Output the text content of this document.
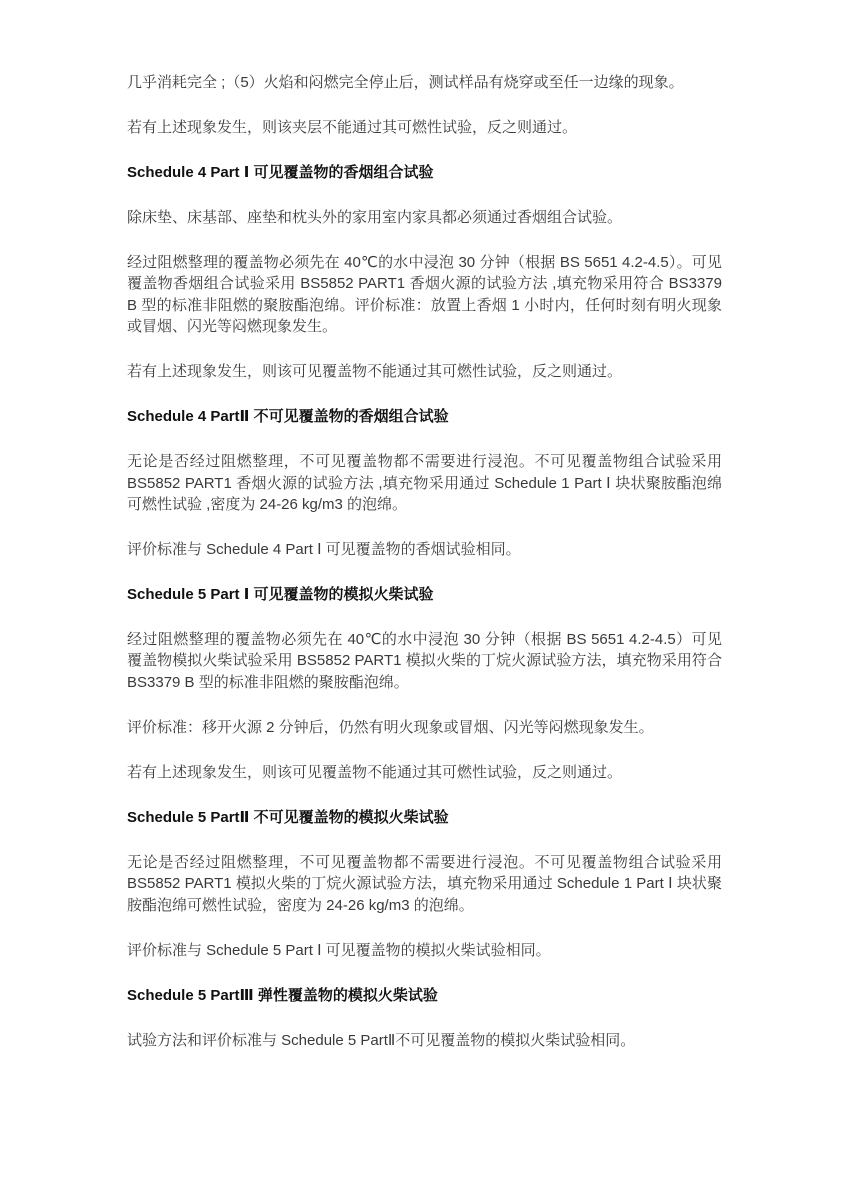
几乎消耗完全 ;（5）火焰和闷燃完全停止后，测试样品有烧穿或至任一边缘的现象。

若有上述现象发生，则该夹层不能通过其可燃性试验，反之则通过。

Schedule 4 Part Ⅰ 可见覆盖物的香烟组合试验

除床垫、床基部、座垫和枕头外的家用室内家具都必须通过香烟组合试验。

经过阻燃整理的覆盖物必须先在 40℃的水中浸泡 30 分钟（根据 BS 5651 4.2-4.5）。可见覆盖物香烟组合试验采用 BS5852 PART1 香烟火源的试验方法 ,填充物采用符合 BS3379 B 型的标准非阻燃的聚胺酯泡绵。评价标准：放置上香烟 1 小时内，任何时刻有明火现象或冒烟、闪光等闷燃现象发生。

若有上述现象发生，则该可见覆盖物不能通过其可燃性试验，反之则通过。

Schedule 4 PartⅡ 不可见覆盖物的香烟组合试验

无论是否经过阻燃整理，不可见覆盖物都不需要进行浸泡。不可见覆盖物组合试验采用 BS5852 PART1 香烟火源的试验方法 ,填充物采用通过 Schedule 1 Part Ⅰ 块状聚胺酯泡绵可燃性试验 ,密度为 24-26 kg/m3 的泡绵。

评价标准与 Schedule 4 Part Ⅰ 可见覆盖物的香烟试验相同。

Schedule 5 Part Ⅰ 可见覆盖物的模拟火柴试验

经过阻燃整理的覆盖物必须先在 40℃的水中浸泡 30 分钟（根据 BS 5651 4.2-4.5）可见覆盖物模拟火柴试验采用 BS5852 PART1 模拟火柴的丁烷火源试验方法，填充物采用符合 BS3379 B 型的标准非阻燃的聚胺酯泡绵。

评价标准：移开火源 2 分钟后，仍然有明火现象或冒烟、闪光等闷燃现象发生。

若有上述现象发生，则该可见覆盖物不能通过其可燃性试验，反之则通过。

Schedule 5 PartⅡ 不可见覆盖物的模拟火柴试验

无论是否经过阻燃整理，不可见覆盖物都不需要进行浸泡。不可见覆盖物组合试验采用 BS5852 PART1 模拟火柴的丁烷火源试验方法，填充物采用通过 Schedule 1 Part Ⅰ 块状聚胺酯泡绵可燃性试验，密度为 24-26 kg/m3 的泡绵。

评价标准与 Schedule 5 Part Ⅰ 可见覆盖物的模拟火柴试验相同。

Schedule 5 PartⅢ 弹性覆盖物的模拟火柴试验

试验方法和评价标准与 Schedule 5 PartⅡ不可见覆盖物的模拟火柴试验相同。
